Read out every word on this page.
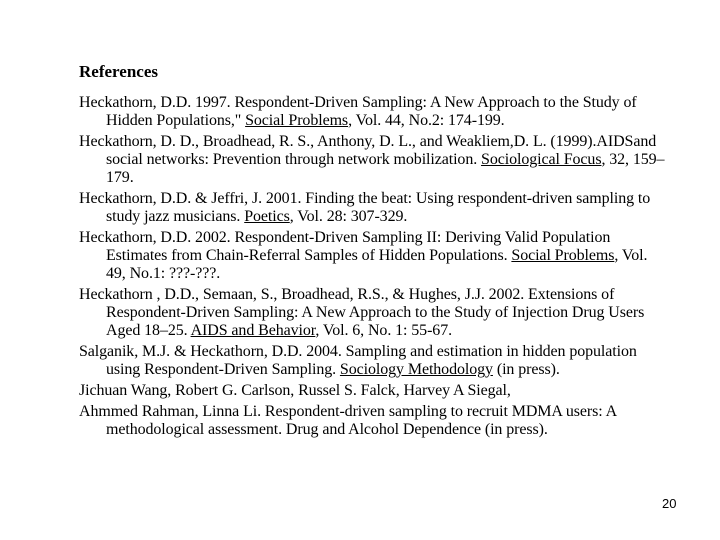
References
Heckathorn, D.D. 1997. Respondent-Driven Sampling: A New Approach to the Study of Hidden Populations," Social Problems, Vol. 44, No.2: 174-199.
Heckathorn, D. D., Broadhead, R. S., Anthony, D. L., and Weakliem,D. L. (1999).AIDSand social networks: Prevention through network mobilization. Sociological Focus, 32, 159–179.
Heckathorn, D.D. & Jeffri, J. 2001. Finding the beat: Using respondent-driven sampling to study jazz musicians. Poetics, Vol. 28: 307-329.
Heckathorn, D.D. 2002. Respondent-Driven Sampling II: Deriving Valid Population Estimates from Chain-Referral Samples of Hidden Populations. Social Problems, Vol. 49, No.1: ???-???.
Heckathorn , D.D., Semaan, S., Broadhead, R.S., & Hughes, J.J. 2002. Extensions of Respondent-Driven Sampling: A New Approach to the Study of Injection Drug Users Aged 18–25. AIDS and Behavior, Vol. 6, No. 1: 55-67.
Salganik, M.J. & Heckathorn, D.D. 2004. Sampling and estimation in hidden population using Respondent-Driven Sampling. Sociology Methodology (in press).
Jichuan Wang, Robert G. Carlson, Russel S. Falck, Harvey A Siegal,
Ahmmed Rahman, Linna Li. Respondent-driven sampling to recruit MDMA users: A methodological assessment. Drug and Alcohol Dependence (in press).
20
